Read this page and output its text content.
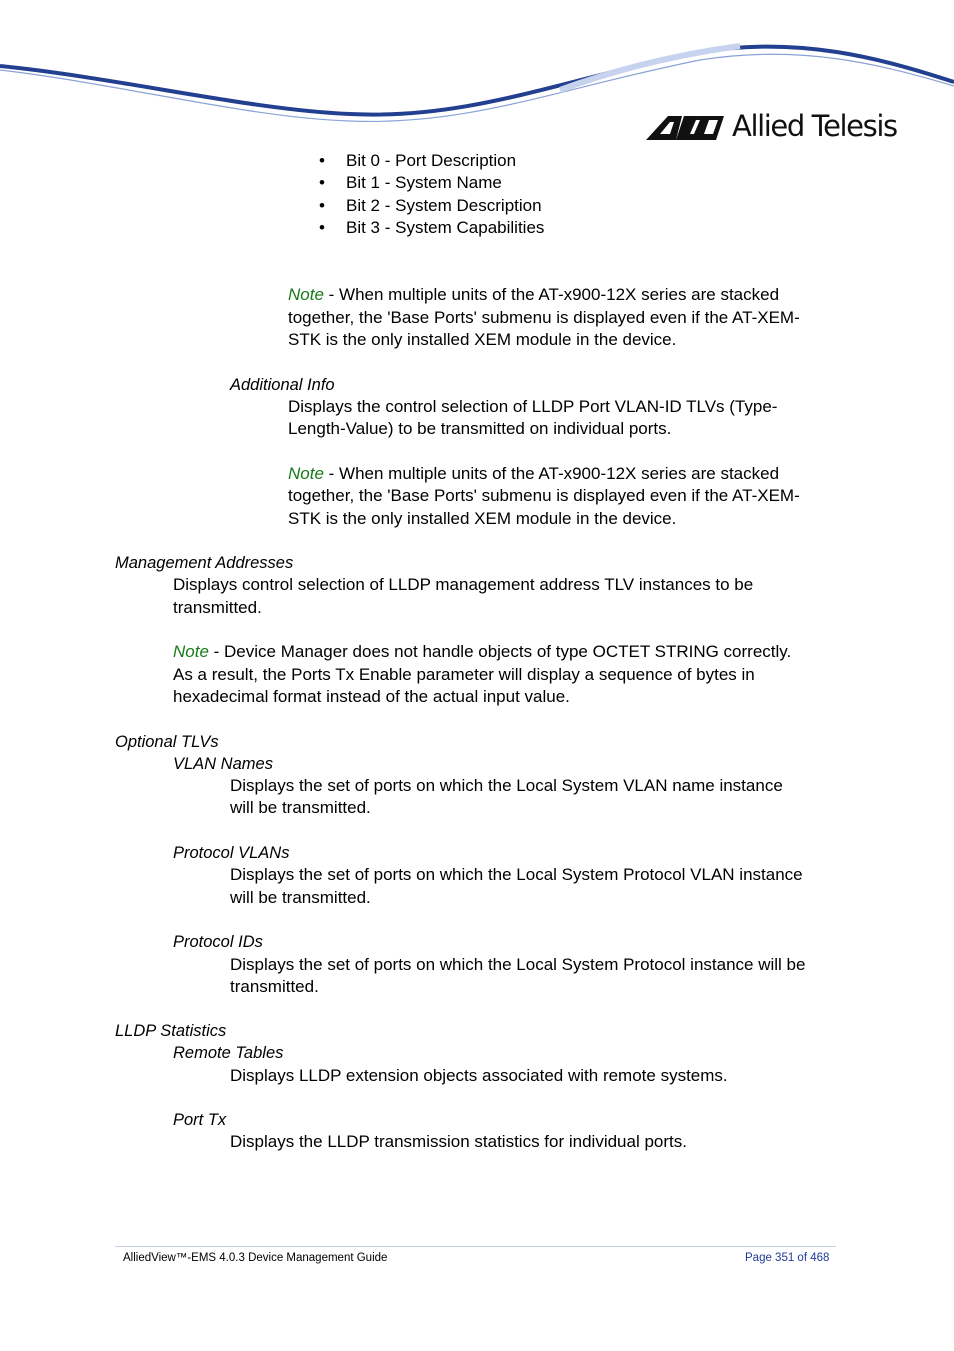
Allied Telesis
• Bit 0 - Port Description
• Bit 1 - System Name
• Bit 2 - System Description
• Bit 3 - System Capabilities
Note - When multiple units of the AT-x900-12X series are stacked
together, the 'Base Ports' submenu is displayed even if the AT-XEM-
STK is the only installed XEM module in the device.
Additional Info
Displays the control selection of LLDP Port VLAN-ID TLVs (Type-
Length-Value) to be transmitted on individual ports.
Note - When multiple units of the AT-x900-12X series are stacked
together, the 'Base Ports' submenu is displayed even if the AT-XEM-
STK is the only installed XEM module in the device.
Management Addresses
Displays control selection of LLDP management address TLV instances to be
transmitted.
Note - Device Manager does not handle objects of type OCTET STRING correctly.
As a result, the Ports Tx Enable parameter will display a sequence of bytes in
hexadecimal format instead of the actual input value.
Optional TLVs
VLAN Names
Displays the set of ports on which the Local System VLAN name instance
will be transmitted.
Protocol VLANs
Displays the set of ports on which the Local System Protocol VLAN instance
will be transmitted.
Protocol IDs
Displays the set of ports on which the Local System Protocol instance will be
transmitted.
LLDP Statistics
Remote Tables
Displays LLDP extension objects associated with remote systems.
Port Tx
Displays the LLDP transmission statistics for individual ports.
AlliedView™-EMS 4.0.3 Device Management Guide	Page 351 of 468
